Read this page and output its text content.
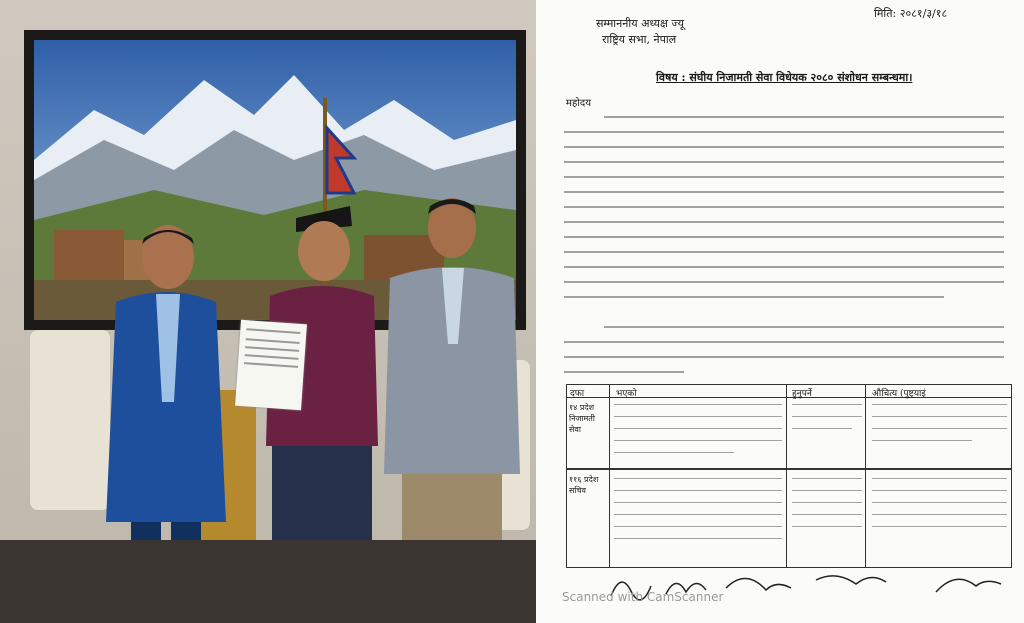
मिति: २०८१/३/१८
सम्माननीय अध्यक्ष ज्यू
राष्ट्रिय सभा, नेपाल
विषय : संघीय निजामती सेवा विधेयक २०८० संशोधन सम्बन्धमा।
महोदय
दफा	भएको	हुनुपर्ने	औचित्य (पुष्ट्याइं
१४ प्रदेश निजामती सेवा
११६ प्रदेश सचिव
Scanned with CamScanner
